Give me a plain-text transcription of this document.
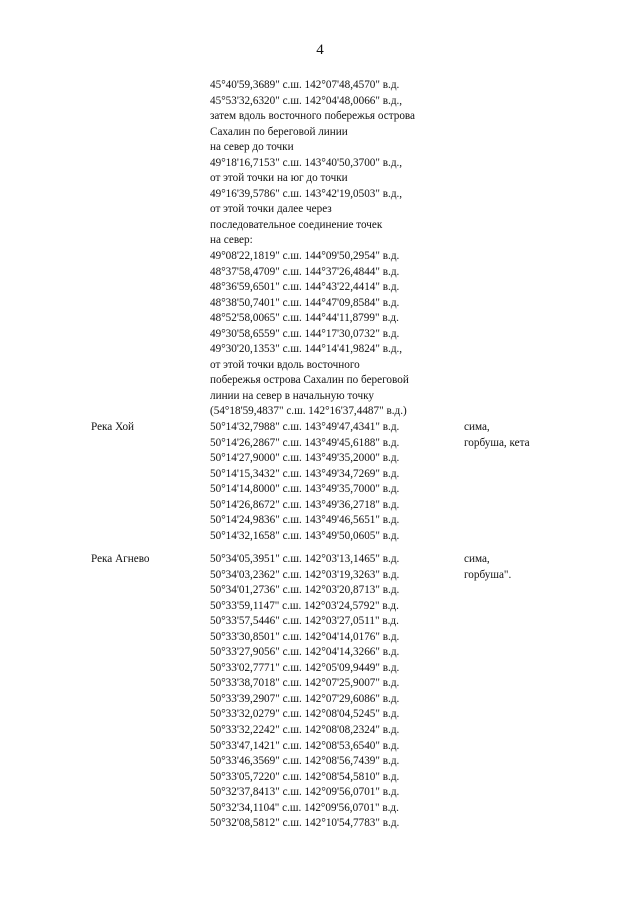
4
45°40'59,3689" с.ш. 142°07'48,4570" в.д.
45°53'32,6320" с.ш. 142°04'48,0066" в.д.,
затем вдоль восточного побережья острова
Сахалин по береговой линии
на север до точки
49°18'16,7153" с.ш. 143°40'50,3700" в.д.,
от этой точки на юг до точки
49°16'39,5786" с.ш. 143°42'19,0503" в.д.,
от этой точки далее через
последовательное соединение точек
на север:
49°08'22,1819" с.ш. 144°09'50,2954" в.д.
48°37'58,4709" с.ш. 144°37'26,4844" в.д.
48°36'59,6501" с.ш. 144°43'22,4414" в.д.
48°38'50,7401" с.ш. 144°47'09,8584" в.д.
48°52'58,0065" с.ш. 144°44'11,8799" в.д.
49°30'58,6559" с.ш. 144°17'30,0732" в.д.
49°30'20,1353" с.ш. 144°14'41,9824" в.д.,
от этой точки вдоль восточного
побережья острова Сахалин по береговой
линии на север в начальную точку
(54°18'59,4837" с.ш. 142°16'37,4487" в.д.)
Река Хой	50°14'32,7988" с.ш. 143°49'47,4341" в.д.
50°14'26,2867" с.ш. 143°49'45,6188" в.д.
50°14'27,9000" с.ш. 143°49'35,2000" в.д.
50°14'15,3432" с.ш. 143°49'34,7269" в.д.
50°14'14,8000" с.ш. 143°49'35,7000" в.д.
50°14'26,8672" с.ш. 143°49'36,2718" в.д.
50°14'24,9836" с.ш. 143°49'46,5651" в.д.
50°14'32,1658" с.ш. 143°49'50,0605" в.д.
сима,
горбуша, кета
Река Агнево	50°34'05,3951" с.ш. 142°03'13,1465" в.д.
50°34'03,2362" с.ш. 142°03'19,3263" в.д.
50°34'01,2736" с.ш. 142°03'20,8713" в.д.
50°33'59,1147" с.ш. 142°03'24,5792" в.д.
50°33'57,5446" с.ш. 142°03'27,0511" в.д.
50°33'30,8501" с.ш. 142°04'14,0176" в.д.
50°33'27,9056" с.ш. 142°04'14,3266" в.д.
50°33'02,7771" с.ш. 142°05'09,9449" в.д.
50°33'38,7018" с.ш. 142°07'25,9007" в.д.
50°33'39,2907" с.ш. 142°07'29,6086" в.д.
50°33'32,0279" с.ш. 142°08'04,5245" в.д.
50°33'32,2242" с.ш. 142°08'08,2324" в.д.
50°33'47,1421" с.ш. 142°08'53,6540" в.д.
50°33'46,3569" с.ш. 142°08'56,7439" в.д.
50°33'05,7220" с.ш. 142°08'54,5810" в.д.
50°32'37,8413" с.ш. 142°09'56,0701" в.д.
50°32'34,1104" с.ш. 142°09'56,0701" в.д.
50°32'08,5812" с.ш. 142°10'54,7783" в.д.
сима,
горбуша".
